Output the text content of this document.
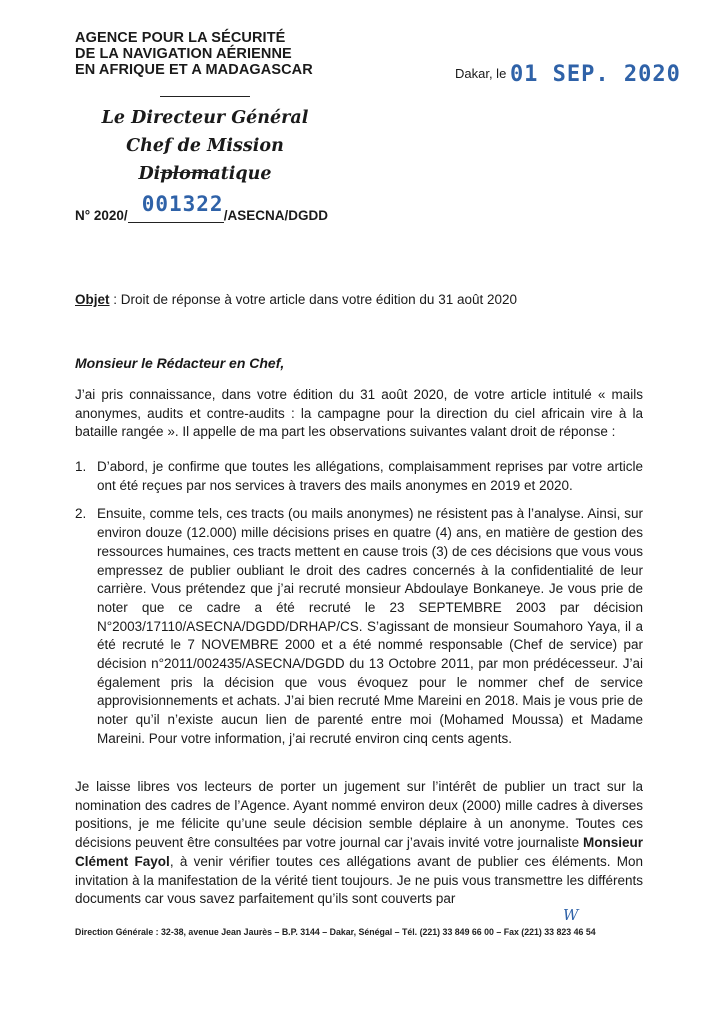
AGENCE POUR LA SÉCURITÉ
DE LA NAVIGATION AÉRIENNE
EN AFRIQUE ET A MADAGASCAR	Dakar, le 01 SEP. 2020
Le Directeur Général
Chef de Mission Diplomatique
N° 2020/ 001322 /ASECNA/DGDD
Objet : Droit de réponse à votre article dans votre édition du 31 août 2020
Monsieur le Rédacteur en Chef,
J’ai pris connaissance, dans votre édition du 31 août 2020, de votre article intitulé « mails anonymes, audits et contre-audits : la campagne pour la direction du ciel africain vire à la bataille rangée ». Il appelle de ma part les observations suivantes valant droit de réponse :
1. D’abord, je confirme que toutes les allégations, complaisamment reprises par votre article ont été reçues par nos services à travers des mails anonymes en 2019 et 2020.
2. Ensuite, comme tels, ces tracts (ou mails anonymes) ne résistent pas à l’analyse. Ainsi, sur environ douze (12.000) mille décisions prises en quatre (4) ans, en matière de gestion des ressources humaines, ces tracts mettent en cause trois (3) de ces décisions que vous vous empressez de publier oubliant le droit des cadres concernés à la confidentialité de leur carrière. Vous prétendez que j’ai recruté monsieur Abdoulaye Bonkaneye. Je vous prie de noter que ce cadre a été recruté le 23 SEPTEMBRE 2003 par décision N°2003/17110/ASECNA/DGDD/DRHAP/CS. S’agissant de monsieur Soumahoro Yaya, il a été recruté le 7 NOVEMBRE 2000 et a été nommé responsable (Chef de service) par décision n°2011/002435/ASECNA/DGDD du 13 Octobre 2011, par mon prédécesseur. J’ai également pris la décision que vous évoquez pour le nommer chef de service approvisionnements et achats. J’ai bien recruté Mme Mareini en 2018. Mais je vous prie de noter qu’il n’existe aucun lien de parenté entre moi (Mohamed Moussa) et Madame Mareini. Pour votre information, j’ai recruté environ cinq cents agents.
Je laisse libres vos lecteurs de porter un jugement sur l’intérêt de publier un tract sur la nomination des cadres de l’Agence. Ayant nommé environ deux (2000) mille cadres à diverses positions, je me félicite qu’une seule décision semble déplaire à un anonyme. Toutes ces décisions peuvent être consultées par votre journal car j’avais invité votre journaliste Monsieur Clément Fayol, à venir vérifier toutes ces allégations avant de publier ces éléments. Mon invitation à la manifestation de la vérité tient toujours. Je ne puis vous transmettre les différents documents car vous savez parfaitement qu’ils sont couverts par
W
Direction Générale : 32-38, avenue Jean Jaurès – B.P. 3144 – Dakar, Sénégal – Tél. (221) 33 849 66 00 – Fax (221) 33 823 46 54
